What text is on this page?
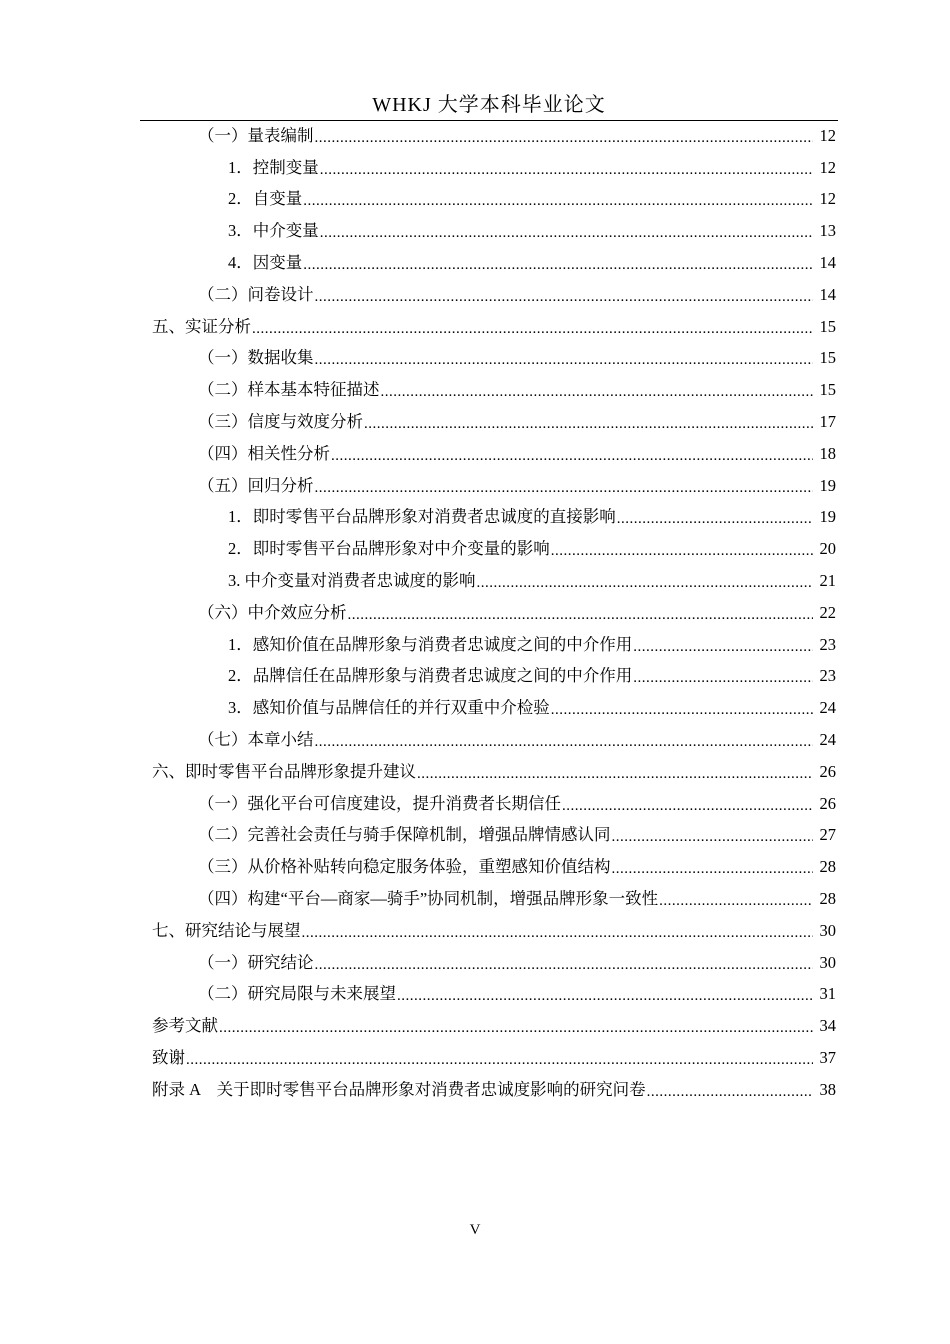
WHKJ 大学本科毕业论文
（一）量表编制 .....	12
1．控制变量 .....	12
2．自变量 .....	12
3．中介变量 .....	13
4．因变量 .....	14
（二）问卷设计 .....	14
五、实证分析 .....	15
（一）数据收集 .....	15
（二）样本基本特征描述 .....	15
（三）信度与效度分析 .....	17
（四）相关性分析 .....	18
（五）回归分析 .....	19
1．即时零售平台品牌形象对消费者忠诚度的直接影响 .....	19
2．即时零售平台品牌形象对中介变量的影响 .....	20
3. 中介变量对消费者忠诚度的影响 .....	21
（六）中介效应分析 .....	22
1．感知价值在品牌形象与消费者忠诚度之间的中介作用 .....	23
2．品牌信任在品牌形象与消费者忠诚度之间的中介作用 .....	23
3．感知价值与品牌信任的并行双重中介检验 .....	24
（七）本章小结 .....	24
六、即时零售平台品牌形象提升建议 .....	26
（一）强化平台可信度建设，提升消费者长期信任 .....	26
（二）完善社会责任与骑手保障机制，增强品牌情感认同 .....	27
（三）从价格补贴转向稳定服务体验，重塑感知价值结构 .....	28
（四）构建“平台—商家—骑手”协同机制，增强品牌形象一致性 .....	28
七、研究结论与展望 .....	30
（一）研究结论 .....	30
（二）研究局限与未来展望 .....	31
参考文献 .....	34
致谢 .....	37
附录 A　关于即时零售平台品牌形象对消费者忠诚度影响的研究问卷 .....	38
V
